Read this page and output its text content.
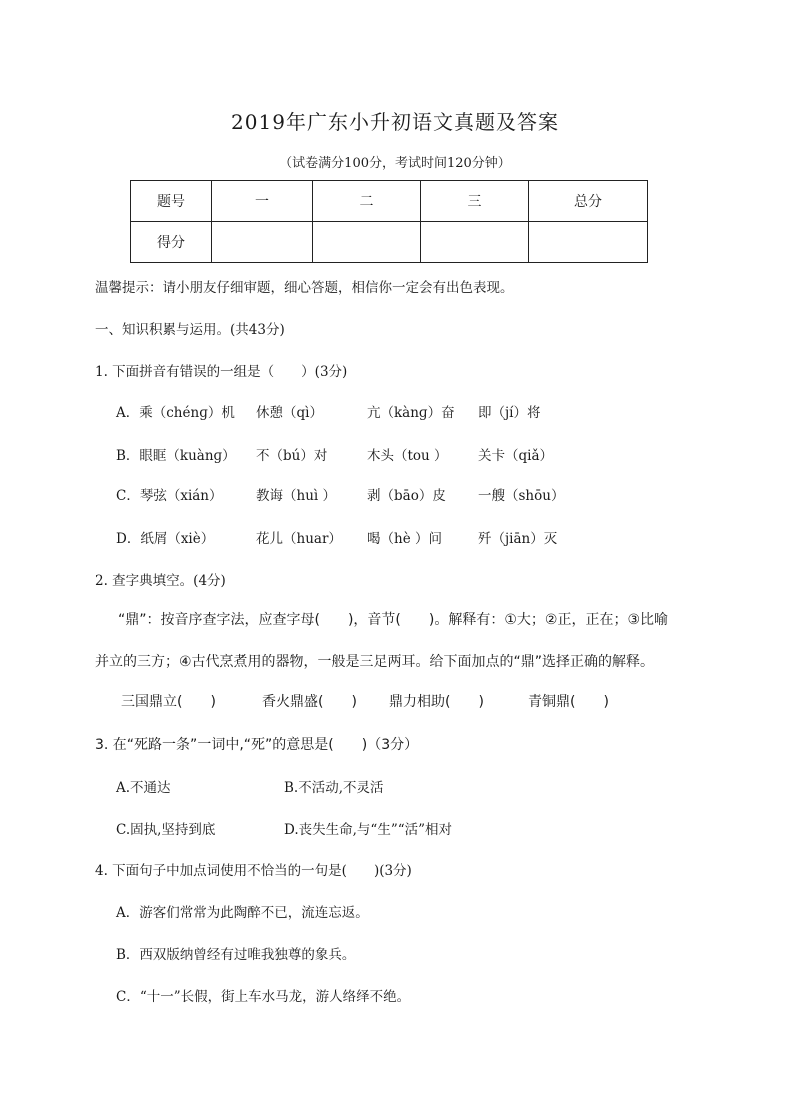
2019年广东小升初语文真题及答案
（试卷满分100分，考试时间120分钟）
题号	一	二	三	总分
得分				
温馨提示：请小朋友仔细审题，细心答题，相信你一定会有出色表现。
一、知识积累与运用。(共43分)
1. 下面拼音有错误的一组是（　　）(3分)
A．乘（chénɡ）机 休憩（qì）	亢（kànɡ）奋 即（jí）将
B．眼眶（kuànɡ） 不（bú）对	木头（tou ） 关卡（qiǎ）
C．琴弦（xián） 教诲（huì ） 剥（bāo）皮 一艘（shōu）
D．纸屑（xiè）	花儿（huar） 喝（hè ）问	歼（jiān）灭
2. 查字典填空。(4分)
“鼎”：按音序查字法，应查字母(　　)，音节(　　)。解释有：①大；②正，正在；③比喻
并立的三方；④古代烹煮用的器物，一般是三足两耳。给下面加点的“鼎”选择正确的解释。
三国鼎立(　　)	香火鼎盛(　　) 鼎力相助(　　)	青铜鼎(　　)
3. 在“死路一条”一词中,“死”的意思是(　　)（3分）
A.不通达	B.不活动,不灵活
C.固执,坚持到底	D.丧失生命,与“生”“活”相对
4. 下面句子中加点词使用不恰当的一句是(　　)(3分)
A．游客们常常为此陶醉不已，流连忘返。
B．西双版纳曾经有过唯我独尊的象兵。
C．“十一”长假，街上车水马龙，游人络绎不绝。
